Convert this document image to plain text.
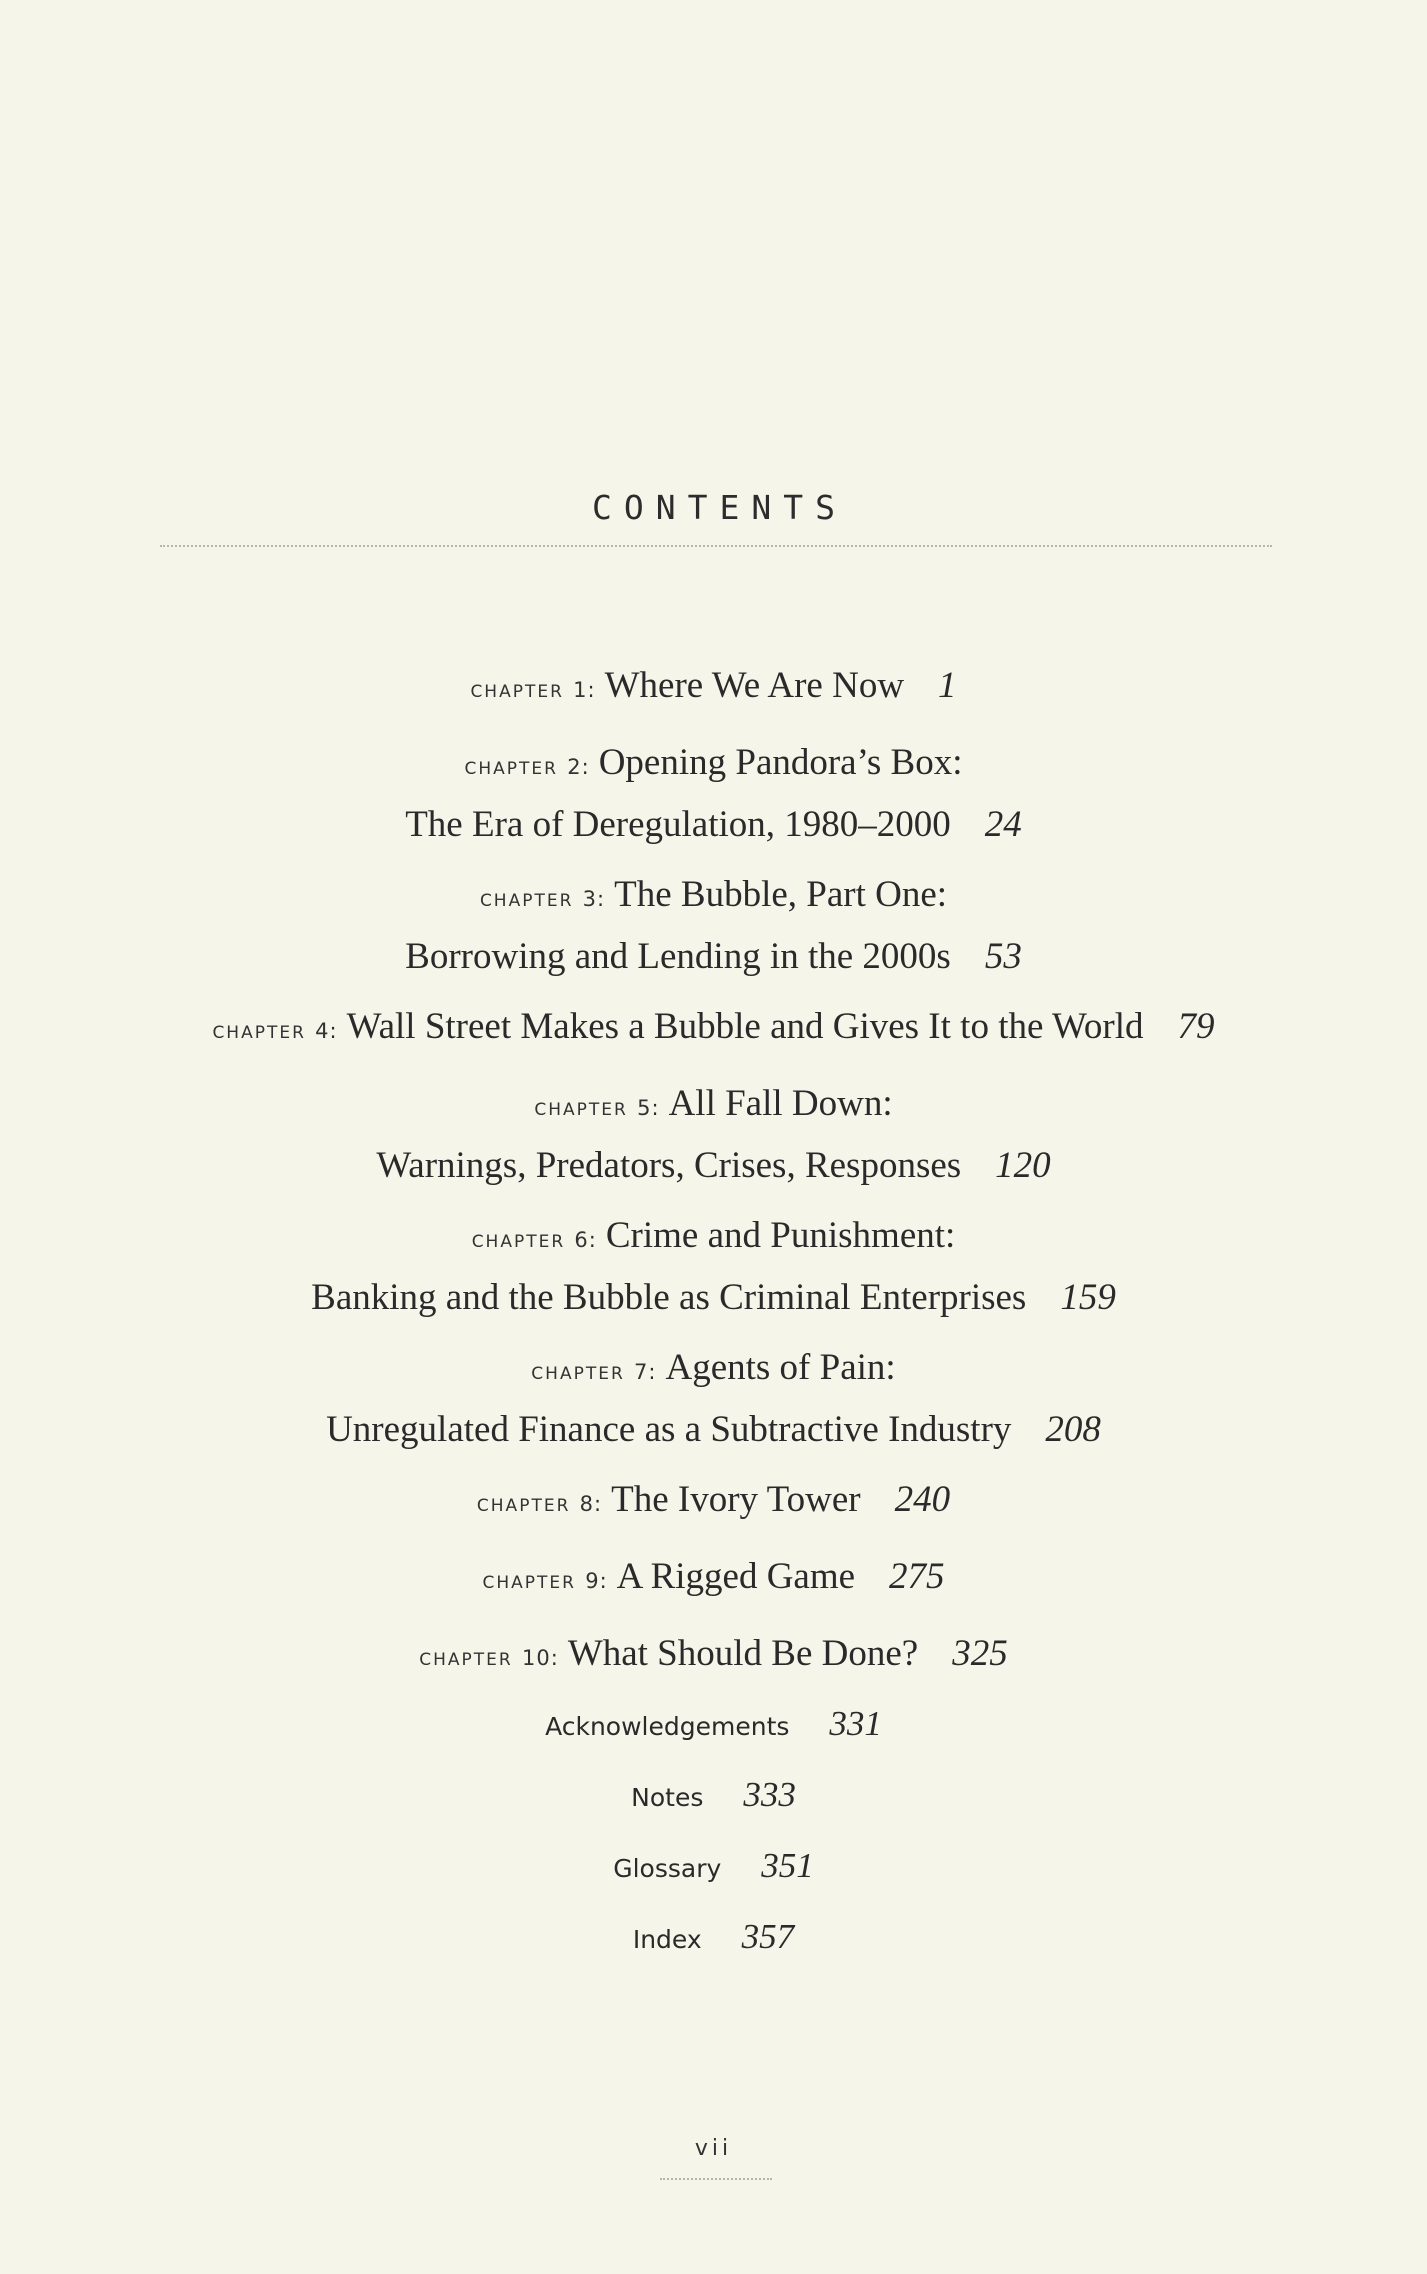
CONTENTS
CHAPTER 1: Where We Are Now 1
CHAPTER 2: Opening Pandora’s Box:
The Era of Deregulation, 1980–2000 24
CHAPTER 3: The Bubble, Part One:
Borrowing and Lending in the 2000s 53
CHAPTER 4: Wall Street Makes a Bubble and Gives It to the World 79
CHAPTER 5: All Fall Down:
Warnings, Predators, Crises, Responses 120
CHAPTER 6: Crime and Punishment:
Banking and the Bubble as Criminal Enterprises 159
CHAPTER 7: Agents of Pain:
Unregulated Finance as a Subtractive Industry 208
CHAPTER 8: The Ivory Tower 240
CHAPTER 9: A Rigged Game 275
CHAPTER 10: What Should Be Done? 325
Acknowledgements 331
Notes 333
Glossary 351
Index 357
vii
